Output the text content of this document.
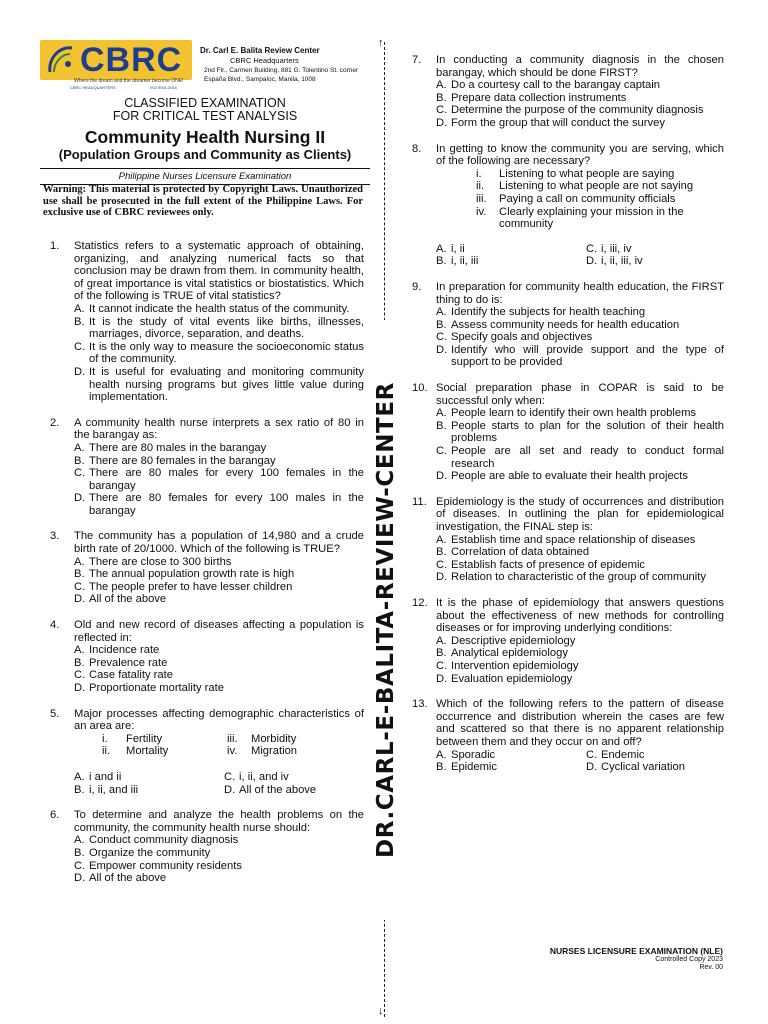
CBRC
Where the dream and the dreamer become ONE!
CBRC HEADQUARTERS	ISO 9001:2015
Dr. Carl E. Balita Review Center
CBRC Headquarters
2nd Flr., Carmen Building, 881 G. Tolentino St. corner España Blvd., Sampaloc, Manila, 1008
CLASSIFIED EXAMINATION
FOR CRITICAL TEST ANALYSIS
Community Health Nursing II
(Population Groups and Community as Clients)
Philippine Nurses Licensure Examination
Warning: This material is protected by Copyright Laws. Unauthorized use shall be prosecuted in the full extent of the Philippine Laws. For exclusive use of CBRC reviewees only.
↑
↓
DR.CARL-E-BALITA-REVIEW-CENTER
1. Statistics refers to a systematic approach of obtaining, organizing, and analyzing numerical facts so that conclusion may be drawn from them. In community health, of great importance is vital statistics or biostatistics. Which of the following is TRUE of vital statistics?
A. It cannot indicate the health status of the community.
B. It is the study of vital events like births, illnesses, marriages, divorce, separation, and deaths.
C. It is the only way to measure the socioeconomic status of the community.
D. It is useful for evaluating and monitoring community health nursing programs but gives little value during implementation.
2. A community health nurse interprets a sex ratio of 80 in the barangay as:
A. There are 80 males in the barangay
B. There are 80 females in the barangay
C. There are 80 males for every 100 females in the barangay
D. There are 80 females for every 100 males in the barangay
3. The community has a population of 14,980 and a crude birth rate of 20/1000. Which of the following is TRUE?
A. There are close to 300 births
B. The annual population growth rate is high
C. The people prefer to have lesser children
D. All of the above
4. Old and new record of diseases affecting a population is reflected in:
A. Incidence rate
B. Prevalence rate
C. Case fatality rate
D. Proportionate mortality rate
5. Major processes affecting demographic characteristics of an area are:
i. Fertility	iii. Morbidity
ii. Mortality	iv. Migration
A. i and ii	C. i, ii, and iv
B. i, ii, and iii	D. All of the above
6. To determine and analyze the health problems on the community, the community health nurse should:
A. Conduct community diagnosis
B. Organize the community
C. Empower community residents
D. All of the above
7. In conducting a community diagnosis in the chosen barangay, which should be done FIRST?
A. Do a courtesy call to the barangay captain
B. Prepare data collection instruments
C. Determine the purpose of the community diagnosis
D. Form the group that will conduct the survey
8. In getting to know the community you are serving, which of the following are necessary?
i. Listening to what people are saying
ii. Listening to what people are not saying
iii. Paying a call on community officials
iv. Clearly explaining your mission in the community
A. i, ii	C. i, iii, iv
B. i, ii, iii	D. i, ii, iii, iv
9. In preparation for community health education, the FIRST thing to do is:
A. Identify the subjects for health teaching
B. Assess community needs for health education
C. Specify goals and objectives
D. Identify who will provide support and the type of support to be provided
10. Social preparation phase in COPAR is said to be successful only when:
A. People learn to identify their own health problems
B. People starts to plan for the solution of their health problems
C. People are all set and ready to conduct formal research
D. People are able to evaluate their health projects
11. Epidemiology is the study of occurrences and distribution of diseases. In outlining the plan for epidemiological investigation, the FINAL step is:
A. Establish time and space relationship of diseases
B. Correlation of data obtained
C. Establish facts of presence of epidemic
D. Relation to characteristic of the group of community
12. It is the phase of epidemiology that answers questions about the effectiveness of new methods for controlling diseases or for improving underlying conditions:
A. Descriptive epidemiology
B. Analytical epidemiology
C. Intervention epidemiology
D. Evaluation epidemiology
13. Which of the following refers to the pattern of disease occurrence and distribution wherein the cases are few and scattered so that there is no apparent relationship between them and they occur on and off?
A. Sporadic	C. Endemic
B. Epidemic	D. Cyclical variation
NURSES LICENSURE EXAMINATION (NLE)
Controlled Copy 2023
Rev. 00
